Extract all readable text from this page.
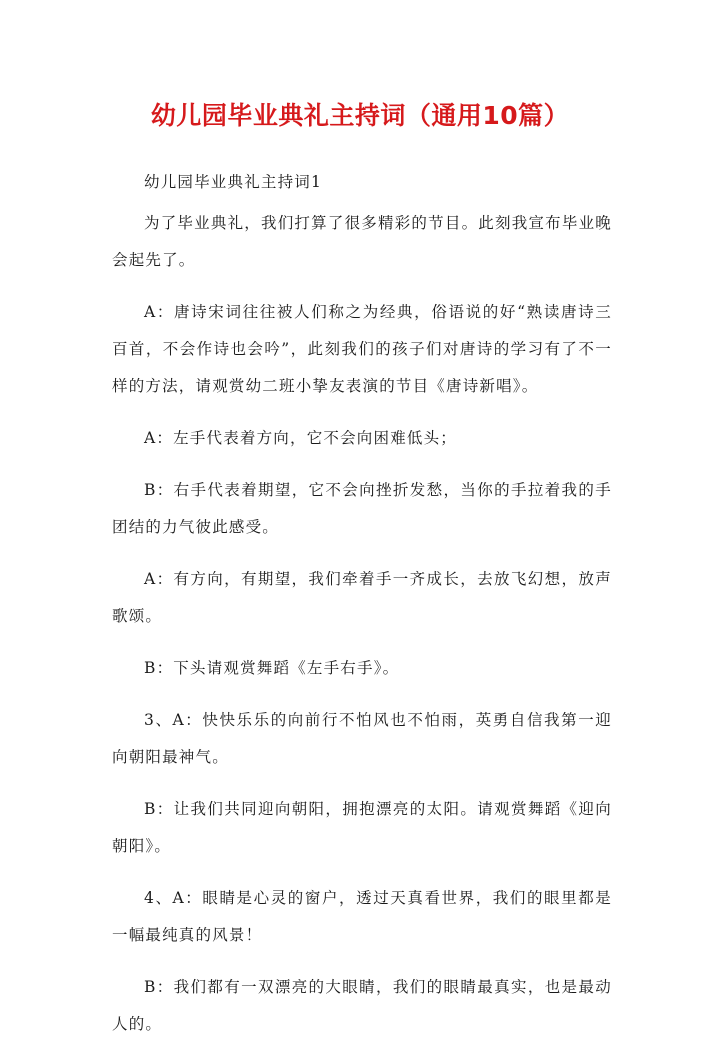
幼儿园毕业典礼主持词（通用10篇）

幼儿园毕业典礼主持词1

为了毕业典礼，我们打算了很多精彩的节目。此刻我宣布毕业晚会起先了。

A：唐诗宋词往往被人们称之为经典，俗语说的好“熟读唐诗三百首，不会作诗也会吟”，此刻我们的孩子们对唐诗的学习有了不一样的方法，请观赏幼二班小挚友表演的节目《唐诗新唱》。

A：左手代表着方向，它不会向困难低头；

B：右手代表着期望，它不会向挫折发愁，当你的手拉着我的手团结的力气彼此感受。

A：有方向，有期望，我们牵着手一齐成长，去放飞幻想，放声歌颂。

B：下头请观赏舞蹈《左手右手》。

3、A：快快乐乐的向前行不怕风也不怕雨，英勇自信我第一迎向朝阳最神气。

B：让我们共同迎向朝阳，拥抱漂亮的太阳。请观赏舞蹈《迎向朝阳》。

4、A：眼睛是心灵的窗户，透过天真看世界，我们的眼里都是一幅最纯真的风景！

B：我们都有一双漂亮的大眼睛，我们的眼睛最真实，也是最动人的。
